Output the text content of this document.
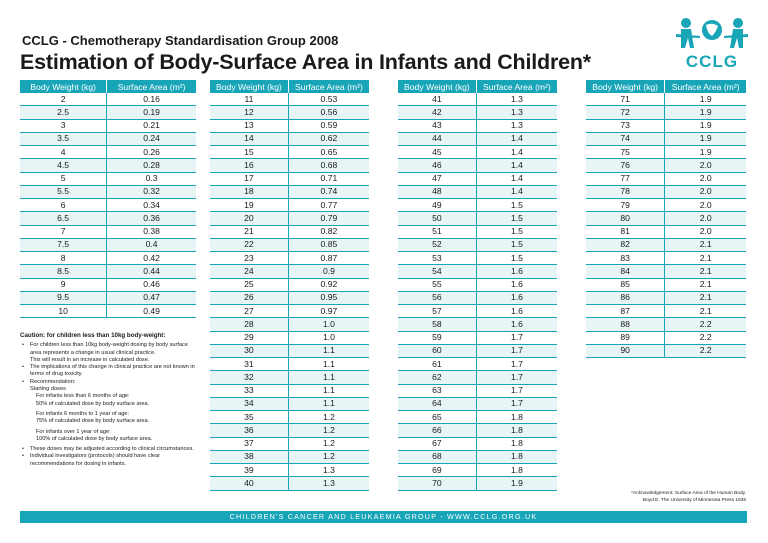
CCLG - Chemotherapy Standardisation Group 2008
Estimation of Body-Surface Area in Infants and Children*	CCLG
Body Weight (kg)	Surface Area (m²)
2	0.16
2.5	0.19
3	0.21
3.5	0.24
4	0.26
4.5	0.28
5	0.3
5.5	0.32
6	0.34
6.5	0.36
7	0.38
7.5	0.4
8	0.42
8.5	0.44
9	0.46
9.5	0.47
10	0.49
Body Weight (kg)	Surface Area (m²)
11	0.53
12	0.56
13	0.59
14	0.62
15	0.65
16	0.68
17	0.71
18	0.74
19	0.77
20	0.79
21	0.82
22	0.85
23	0.87
24	0.9
25	0.92
26	0.95
27	0.97
28	1.0
29	1.0
30	1.1
31	1.1
32	1.1
33	1.1
34	1.1
35	1.2
36	1.2
37	1.2
38	1.2
39	1.3
40	1.3
Body Weight (kg)	Surface Area (m²)
41	1.3
42	1.3
43	1.3
44	1.4
45	1.4
46	1.4
47	1.4
48	1.4
49	1.5
50	1.5
51	1.5
52	1.5
53	1.5
54	1.6
55	1.6
56	1.6
57	1.6
58	1.6
59	1.7
60	1.7
61	1.7
62	1.7
63	1.7
64	1.7
65	1.8
66	1.8
67	1.8
68	1.8
69	1.8
70	1.9
Body Weight (kg)	Surface Area (m²)
71	1.9
72	1.9
73	1.9
74	1.9
75	1.9
76	2.0
77	2.0
78	2.0
79	2.0
80	2.0
81	2.0
82	2.1
83	2.1
84	2.1
85	2.1
86	2.1
87	2.1
88	2.2
89	2.2
90	2.2
Caution: for children less than 10kg body-weight:
• For children less than 10kg body-weight dosing by body surface area represents a change in usual clinical practice.
This will result in an increase in calculated dose.
• The implications of this change in clinical practice are not known in terms of drug toxicity.
• Recommendation:
Starting doses
For infants less than 6 months of age:
50% of calculated dose by body surface area.
For infants 6 months to 1 year of age:
75% of calculated dose by body surface area.
For infants over 1 year of age:
100% of calculated dose by body surface area.
• These doses may be adjusted according to clinical circumstances.
• Individual investigators (protocols) should have clear recommendations for dosing in infants.
*Acknowledgement: Surface Area of the Human Body.
Boyd E. The University of Minnesota Press 1935
CHILDREN'S CANCER AND LEUKAEMIA GROUP - WWW.CCLG.ORG.UK
